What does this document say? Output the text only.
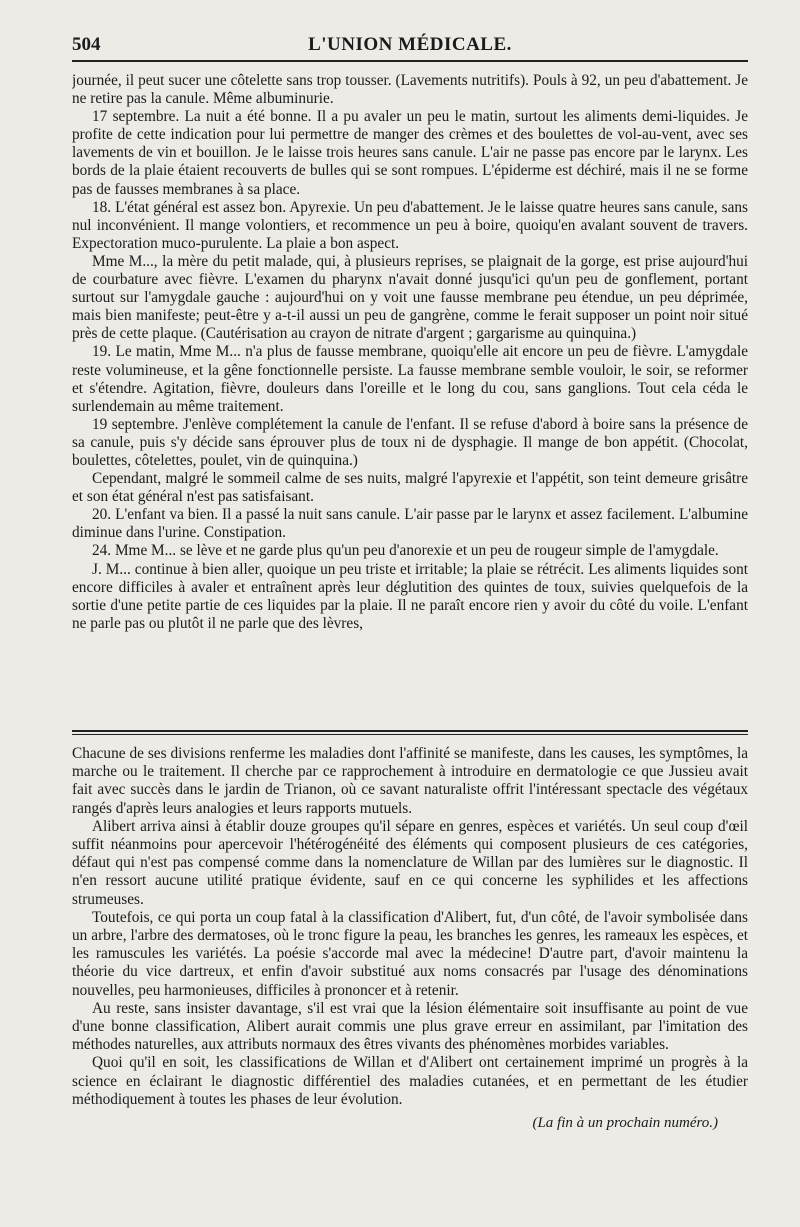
504	L'UNION MÉDICALE.

journée, il peut sucer une côtelette sans trop tousser. (Lavements nutritifs). Pouls à 92, un peu d'abattement. Je ne retire pas la canule. Même albuminurie.

17 septembre. La nuit a été bonne. Il a pu avaler un peu le matin, surtout les aliments demi-liquides. Je profite de cette indication pour lui permettre de manger des crèmes et des boulettes de vol-au-vent, avec ses lavements de vin et bouillon. Je le laisse trois heures sans canule. L'air ne passe pas encore par le larynx. Les bords de la plaie étaient recouverts de bulles qui se sont rompues. L'épiderme est déchiré, mais il ne se forme pas de fausses membranes à sa place.

18. L'état général est assez bon. Apyrexie. Un peu d'abattement. Je le laisse quatre heures sans canule, sans nul inconvénient. Il mange volontiers, et recommence un peu à boire, quoiqu'en avalant souvent de travers. Expectoration muco-purulente. La plaie a bon aspect.

Mme M..., la mère du petit malade, qui, à plusieurs reprises, se plaignait de la gorge, est prise aujourd'hui de courbature avec fièvre. L'examen du pharynx n'avait donné jusqu'ici qu'un peu de gonflement, portant surtout sur l'amygdale gauche : aujourd'hui on y voit une fausse membrane peu étendue, un peu déprimée, mais bien manifeste; peut-être y a-t-il aussi un peu de gangrène, comme le ferait supposer un point noir situé près de cette plaque. (Cautérisation au crayon de nitrate d'argent ; gargarisme au quinquina.)

19. Le matin, Mme M... n'a plus de fausse membrane, quoiqu'elle ait encore un peu de fièvre. L'amygdale reste volumineuse, et la gêne fonctionnelle persiste. La fausse membrane semble vouloir, le soir, se reformer et s'étendre. Agitation, fièvre, douleurs dans l'oreille et le long du cou, sans ganglions. Tout cela céda le surlendemain au même traitement.

19 septembre. J'enlève complétement la canule de l'enfant. Il se refuse d'abord à boire sans la présence de sa canule, puis s'y décide sans éprouver plus de toux ni de dysphagie. Il mange de bon appétit. (Chocolat, boulettes, côtelettes, poulet, vin de quinquina.)

Cependant, malgré le sommeil calme de ses nuits, malgré l'apyrexie et l'appétit, son teint demeure grisâtre et son état général n'est pas satisfaisant.

20. L'enfant va bien. Il a passé la nuit sans canule. L'air passe par le larynx et assez facilement. L'albumine diminue dans l'urine. Constipation.

24. Mme M... se lève et ne garde plus qu'un peu d'anorexie et un peu de rougeur simple de l'amygdale.

J. M... continue à bien aller, quoique un peu triste et irritable; la plaie se rétrécit. Les aliments liquides sont encore difficiles à avaler et entraînent après leur déglutition des quintes de toux, suivies quelquefois de la sortie d'une petite partie de ces liquides par la plaie. Il ne paraît encore rien y avoir du côté du voile. L'enfant ne parle pas ou plutôt il ne parle que des lèvres,

Chacune de ses divisions renferme les maladies dont l'affinité se manifeste, dans les causes, les symptômes, la marche ou le traitement. Il cherche par ce rapprochement à introduire en dermatologie ce que Jussieu avait fait avec succès dans le jardin de Trianon, où ce savant naturaliste offrit l'intéressant spectacle des végétaux rangés d'après leurs analogies et leurs rapports mutuels.

Alibert arriva ainsi à établir douze groupes qu'il sépare en genres, espèces et variétés. Un seul coup d'œil suffit néanmoins pour apercevoir l'hétérogénéité des éléments qui composent plusieurs de ces catégories, défaut qui n'est pas compensé comme dans la nomenclature de Willan par des lumières sur le diagnostic. Il n'en ressort aucune utilité pratique évidente, sauf en ce qui concerne les syphilides et les affections strumeuses.

Toutefois, ce qui porta un coup fatal à la classification d'Alibert, fut, d'un côté, de l'avoir symbolisée dans un arbre, l'arbre des dermatoses, où le tronc figure la peau, les branches les genres, les rameaux les espèces, et les ramuscules les variétés. La poésie s'accorde mal avec la médecine! D'autre part, d'avoir maintenu la théorie du vice dartreux, et enfin d'avoir substitué aux noms consacrés par l'usage des dénominations nouvelles, peu harmonieuses, difficiles à prononcer et à retenir.

Au reste, sans insister davantage, s'il est vrai que la lésion élémentaire soit insuffisante au point de vue d'une bonne classification, Alibert aurait commis une plus grave erreur en assimilant, par l'imitation des méthodes naturelles, aux attributs normaux des êtres vivants des phénomènes morbides variables.

Quoi qu'il en soit, les classifications de Willan et d'Alibert ont certainement imprimé un progrès à la science en éclairant le diagnostic différentiel des maladies cutanées, et en permettant de les étudier méthodiquement à toutes les phases de leur évolution.

(La fin à un prochain numéro.)
